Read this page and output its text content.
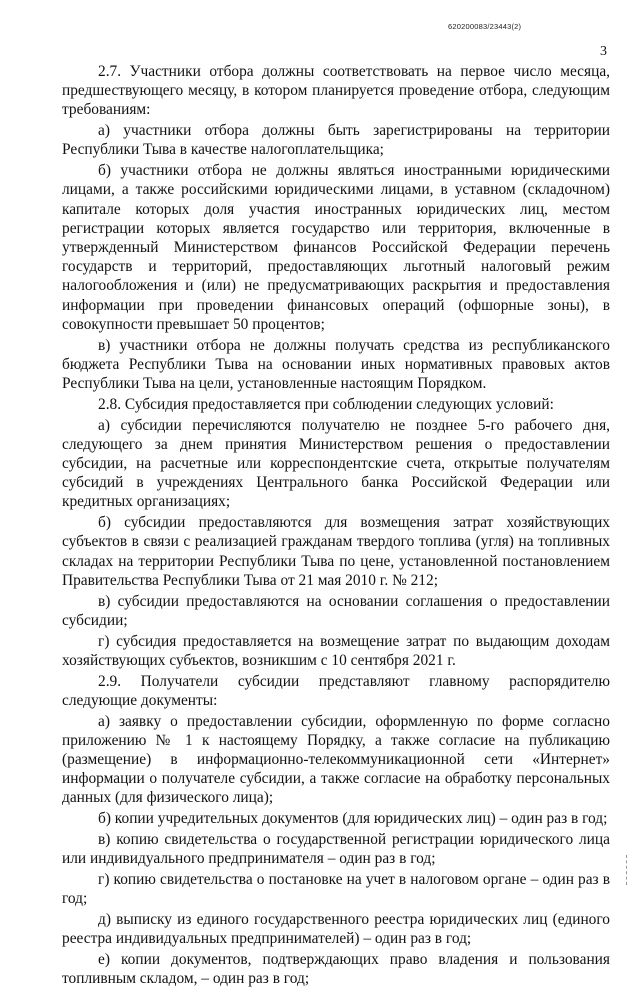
620200083/23443(2)
3

2.7. Участники отбора должны соответствовать на первое число месяца, предшествующего месяцу, в котором планируется проведение отбора, следующим требованиям:

а) участники отбора должны быть зарегистрированы на территории Республики Тыва в качестве налогоплательщика;

б) участники отбора не должны являться иностранными юридическими лицами, а также российскими юридическими лицами, в уставном (складочном) капитале которых доля участия иностранных юридических лиц, местом регистрации которых является государство или территория, включенные в утвержденный Министерством финансов Российской Федерации перечень государств и территорий, предоставляющих льготный налоговый режим налогообложения и (или) не предусматривающих раскрытия и предоставления информации при проведении финансовых операций (офшорные зоны), в совокупности превышает 50 процентов;

в) участники отбора не должны получать средства из республиканского бюджета Республики Тыва на основании иных нормативных правовых актов Республики Тыва на цели, установленные настоящим Порядком.

2.8. Субсидия предоставляется при соблюдении следующих условий:

а) субсидии перечисляются получателю не позднее 5-го рабочего дня, следующего за днем принятия Министерством решения о предоставлении субсидии, на расчетные или корреспондентские счета, открытые получателям субсидий в учреждениях Центрального банка Российской Федерации или кредитных организациях;

б) субсидии предоставляются для возмещения затрат хозяйствующих субъектов в связи с реализацией гражданам твердого топлива (угля) на топливных складах на территории Республики Тыва по цене, установленной постановлением Правительства Республики Тыва от 21 мая 2010 г. № 212;

в) субсидии предоставляются на основании соглашения о предоставлении субсидии;

г) субсидия предоставляется на возмещение затрат по выдающим доходам хозяйствующих субъектов, возникшим с 10 сентября 2021 г.

2.9. Получатели субсидии представляют главному распорядителю следующие документы:

а) заявку о предоставлении субсидии, оформленную по форме согласно приложению № 1 к настоящему Порядку, а также согласие на публикацию (размещение) в информационно-телекоммуникационной сети «Интернет» информации о получателе субсидии, а также согласие на обработку персональных данных (для физического лица);

б) копии учредительных документов (для юридических лиц) – один раз в год;

в) копию свидетельства о государственной регистрации юридического лица или индивидуального предпринимателя – один раз в год;

г) копию свидетельства о постановке на учет в налоговом органе – один раз в год;

д) выписку из единого государственного реестра юридических лиц (единого реестра индивидуальных предпринимателей) – один раз в год;

е) копии документов, подтверждающих право владения и пользования топливным складом, – один раз в год;
